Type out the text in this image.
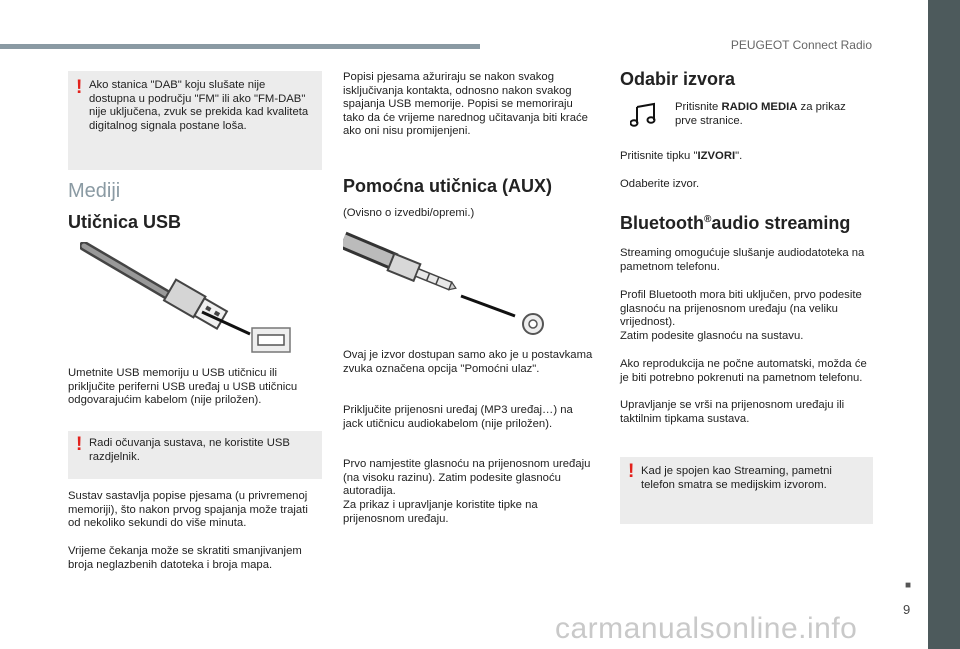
PEUGEOT Connect Radio
■
9
! Ako stanica "DAB" koju slušate nije dostupna u području "FM" ili ako "FM-DAB" nije uključena, zvuk se prekida kad kvaliteta digitalnog signala postane loša.

Mediji
Utičnica USB

Umetnite USB memoriju u USB utičnicu ili priključite periferni USB uređaj u USB utičnicu odgovarajućim kabelom (nije priložen).

! Radi očuvanja sustava, ne koristite USB razdjelnik.

Sustav sastavlja popise pjesama (u privremenoj memoriji), što nakon prvog spajanja može trajati od nekoliko sekundi do više minuta.

Vrijeme čekanja može se skratiti smanjivanjem broja neglazbenih datoteka i broja mapa.

Popisi pjesama ažuriraju se nakon svakog isključivanja kontakta, odnosno nakon svakog spajanja USB memorije. Popisi se memoriraju tako da će vrijeme narednog učitavanja biti kraće ako oni nisu promijenjeni.

Pomoćna utičnica (AUX)

(Ovisno o izvedbi/opremi.)

Ovaj je izvor dostupan samo ako je u postavkama zvuka označena opcija "Pomoćni ulaz".

Priključite prijenosni uređaj (MP3 uređaj…) na jack utičnicu audiokabelom (nije priložen).

Prvo namjestite glasnoću na prijenosnom uređaju (na visoku razinu). Zatim podesite glasnoću autoradija.

Za prikaz i upravljanje koristite tipke na prijenosnom uređaju.

Odabir izvora

Pritisnite RADIO MEDIA za prikaz prve stranice.

Pritisnite tipku "IZVORI".

Odaberite izvor.

Bluetooth®audio streaming

Streaming omogućuje slušanje audiodatoteka na pametnom telefonu.

Profil Bluetooth mora biti uključen, prvo podesite glasnoću na prijenosnom uređaju (na veliku vrijednost).

Zatim podesite glasnoću na sustavu.

Ako reprodukcija ne počne automatski, možda će je biti potrebno pokrenuti na pametnom telefonu.

Upravljanje se vrši na prijenosnom uređaju ili taktilnim tipkama sustava.

! Kad je spojen kao Streaming, pametni telefon smatra se medijskim izvorom.

carmanualsonline.info
